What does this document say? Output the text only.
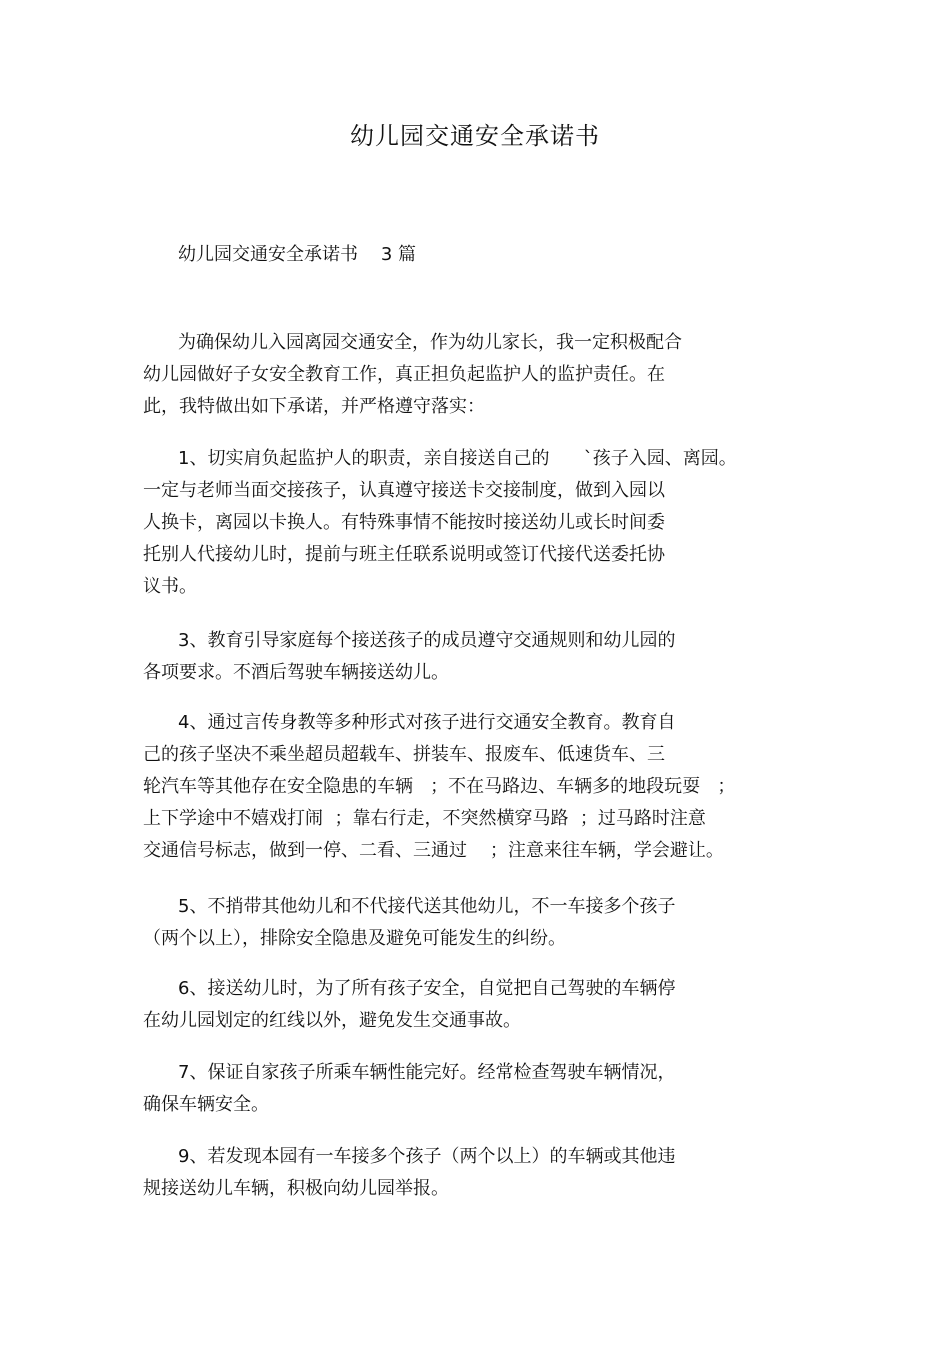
幼儿园交通安全承诺书
幼儿园交通安全承诺书    3 篇
为确保幼儿入园离园交通安全，作为幼儿家长，我一定积极配合
幼儿园做好子女安全教育工作，真正担负起监护人的监护责任。在
此，我特做出如下承诺，并严格遵守落实：
1、切实肩负起监护人的职责，亲自接送自己的      `孩子入园、离园。
一定与老师当面交接孩子，认真遵守接送卡交接制度，做到入园以
人换卡，离园以卡换人。有特殊事情不能按时接送幼儿或长时间委
托别人代接幼儿时，提前与班主任联系说明或签订代接代送委托协
议书。
3、教育引导家庭每个接送孩子的成员遵守交通规则和幼儿园的
各项要求。不酒后驾驶车辆接送幼儿。
4、通过言传身教等多种形式对孩子进行交通安全教育。教育自
己的孩子坚决不乘坐超员超载车、拼装车、报废车、低速货车、三
轮汽车等其他存在安全隐患的车辆   ；不在马路边、车辆多的地段玩耍   ；
上下学途中不嬉戏打闹  ；靠右行走，不突然横穿马路  ；过马路时注意
交通信号标志，做到一停、二看、三通过    ；注意来往车辆，学会避让。
5、不捎带其他幼儿和不代接代送其他幼儿，不一车接多个孩子
（两个以上），排除安全隐患及避免可能发生的纠纷。
6、接送幼儿时，为了所有孩子安全，自觉把自己驾驶的车辆停
在幼儿园划定的红线以外，避免发生交通事故。
7、保证自家孩子所乘车辆性能完好。经常检查驾驶车辆情况，
确保车辆安全。
9、若发现本园有一车接多个孩子（两个以上）的车辆或其他违
规接送幼儿车辆，积极向幼儿园举报。
